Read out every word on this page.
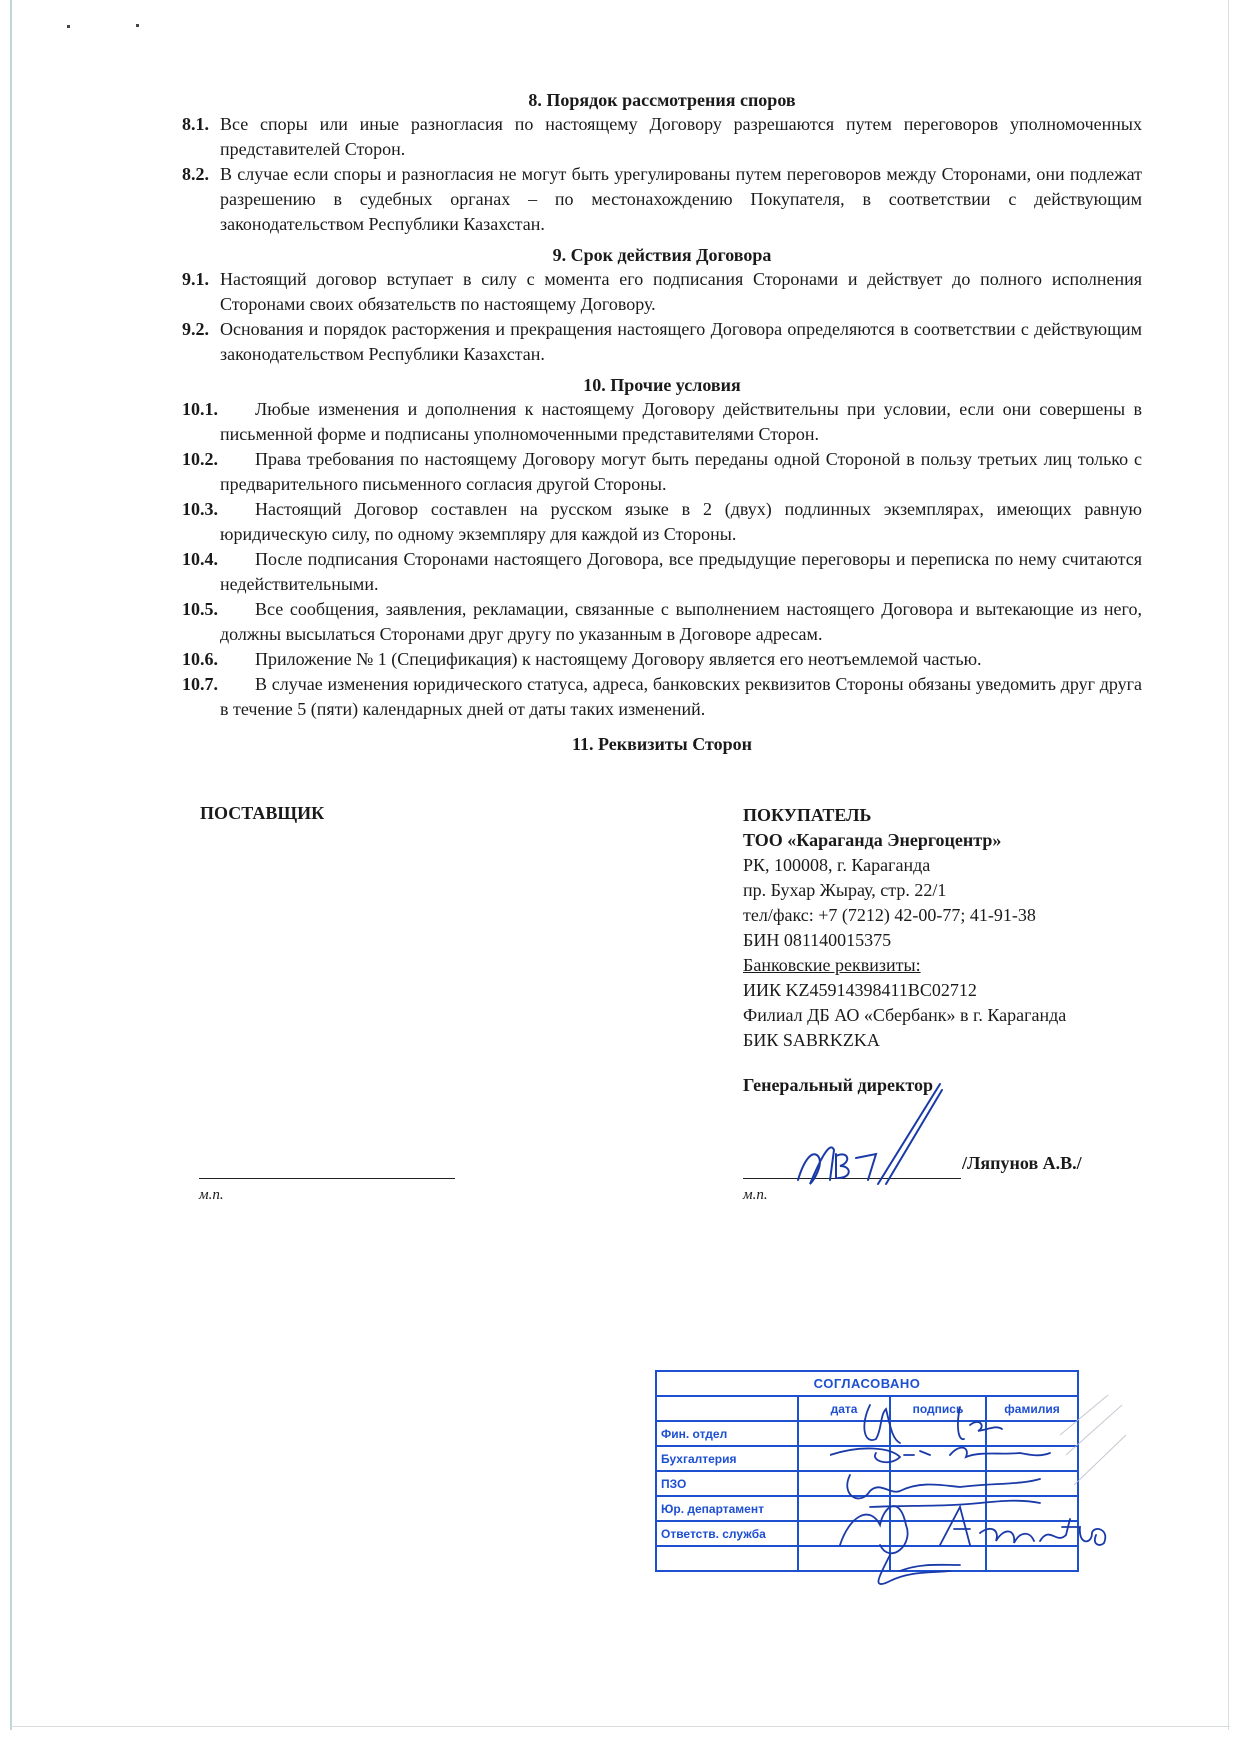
8. Порядок рассмотрения споров

8.1. Все споры или иные разногласия по настоящему Договору разрешаются путем переговоров уполномоченных представителей Сторон.

8.2. В случае если споры и разногласия не могут быть урегулированы путем переговоров между Сторонами, они подлежат разрешению в судебных органах – по местонахождению Покупателя, в соответствии с действующим законодательством Республики Казахстан.

9. Срок действия Договора

9.1. Настоящий договор вступает в силу с момента его подписания Сторонами и действует до полного исполнения Сторонами своих обязательств по настоящему Договору.

9.2. Основания и порядок расторжения и прекращения настоящего Договора определяются в соответствии с действующим законодательством Республики Казахстан.

10. Прочие условия

10.1.	Любые изменения и дополнения к настоящему Договору действительны при условии, если они совершены в письменной форме и подписаны уполномоченными представителями Сторон.

10.2.	Права требования по настоящему Договору могут быть переданы одной Стороной в пользу третьих лиц только с предварительного письменного согласия другой Стороны.

10.3.	Настоящий Договор составлен на русском языке в 2 (двух) подлинных экземплярах, имеющих равную юридическую силу, по одному экземпляру для каждой из Стороны.

10.4.	После подписания Сторонами настоящего Договора, все предыдущие переговоры и переписка по нему считаются недействительными.

10.5.	Все сообщения, заявления, рекламации, связанные с выполнением настоящего Договора и вытекающие из него, должны высылаться Сторонами друг другу по указанным в Договоре адресам.

10.6.	Приложение № 1 (Спецификация) к настоящему Договору является его неотъемлемой частью.

10.7.	В случае изменения юридического статуса, адреса, банковских реквизитов Стороны обязаны уведомить друг друга в течение 5 (пяти) календарных дней от даты таких изменений.

11. Реквизиты Сторон

ПОСТАВЩИК	ПОКУПАТЕЛЬ
ТОО «Караганда Энергоцентр»
РК, 100008, г. Караганда
пр. Бухар Жырау, стр. 22/1
тел/факс: +7 (7212) 42-00-77; 41-91-38
БИН 081140015375
Банковские реквизиты:
ИИК KZ45914398411BC02712
Филиал ДБ АО «Сбербанк» в г. Караганда
БИК SABRKZKA
Генеральный директор
м.п.
/Ляпунов А.В./
м.п.
СОГЛАСОВАНО			
	дата	подпись	фамилия
Фин. отдел			
Бухгалтерия			
ПЗО			
Юр. департамент			
Ответств. служба			
